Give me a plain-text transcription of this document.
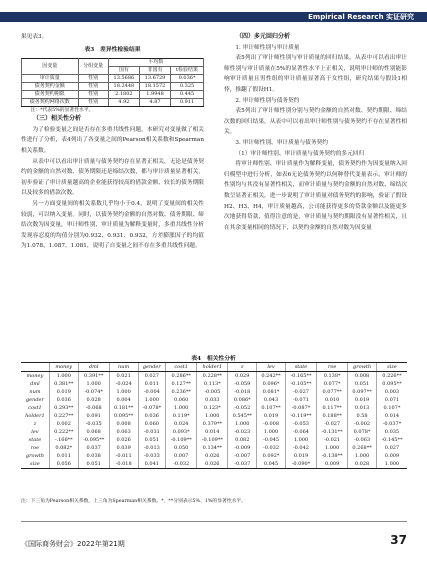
Empirical Research 实证研究

果见表3。

表3　差异性检验结果
因变量	分组变量	平均数		
		国有	非国有	t检验结果
审计质量	性别	13.5686	13.6729	0.036*
债务契约金额	性别	18.2448	18.1572	0.325
债务契约期限	性别	2.1802	1.9948	0.445
债务契约网络次数	性别	4.92	4.87	0.911

注：*代表5%的显著性水平。

（三）相关性分析

为了检验变量之间是否存在多重共线性问题，本研究对变量做了相关性进行了分析，表4列出了各变量之间的Pearson相关系数和Spearman相关系数。

从表中可以看出审计质量与债务契约存在显著正相关，无论是债务契约的金额的自然对数、债务期限还是缔结次数，都与审计质量显著相关，初步验证了审计质量越高的企业能获得较高的借款金额、较长的债务期限以及较多的借款次数。

另一方面变量间的相关系数几乎均小于0.4，说明了变量间的相关性较弱，可以纳入变量。同时，以债务契约金额的自然对数、债务期限、缔结次数为因变量，审计师性别、审计质量为解释变量时，多重共线性分析发现容忍度的均值分别为0.932、0.931、0.932，方差膨胀因子的均值为1.078、1.087、1.081，说明了自变量之间不存在多重共线性问题。

（四）多元回归分析

1. 审计师性别与审计质量

表5列出了审计师性别与审计质量的回归结果，从表中可以看出审计师性别与审计质量在5%的显著性水平上正相关，说明审计师的性别能影响审计质量且男性组的审计质量显著高于女性组，研究结果与假设1相悖，推翻了假设H1。

2. 审计师性别与债务契约

表5列出了审计师性别分别与契约金额的自然对数、契约期限、缔结次数的回归结果，从表中可以看出审计师性别与债务契约不存在显著性相关。

3. 审计师性别、审计质量与债务契约

（1）审计师性别、审计质量与债务契约的多元回归

将审计师性别、审计质量作为解释变量，债务契约作为因变量纳入回归模型中进行分析，如表6无论债务契约以何种替代变量表示，审计师的性别均与其没有显著性相关，而审计质量与契约金额的自然对数、缔结次数呈显著正相关，进一步说明了审计质量对债务契约的影响，验证了假设H2、H3、H4，审计质量越高，公司能获得更多的贷款金额以及能更多次地获得贷款，值得注意的是，审计质量与契约期限没有显著性相关，且在其余变量相同的情况下，以契约金额的自然对数为因变量

表4　相关性分析
	money	dml	num	gender	cost1	holder1	z	lev	state	roe	growth	size
money	1.000	0.391**	0.021	0.027	0.286**	0.228**	0.029	0.242**	-0.165**	0.138*	0.008	0.226**
dml	0.381**	1.000	-0.024	0.011	0.127**	0.113*	-0.059	0.096*	-0.105**	0.077*	0.051	0.095**
num	0.019	-0.074*	1.000	-0.004	0.236**	-0.005	-0.018	0.081*	-0.027	0.077**	0.097**	0.003
gender	0.036	0.028	0.004	1.000	0.060	0.033	0.086*	0.043	-0.071	0.010	0.019	0.071
cost1	0.293**	-0.068	0.181**	-0.078*	1.000	0.123*	-0.052	0.107**	-0.087*	0.117**	0.013	0.107*
holder1	0.227**	0.091	0.095**	0.036	0.119*	1.000	0.545**	0.019	-0.119**	0.188**	0.58	0.014
z	0.002	-0.035	0.008	0.060	0.024	0.379**	1.000	-0.008	-0.053	-0.027	-0.002	-0.037*
lev	0.222**	0.068	0.063	-0.031	0.093*	0.014	-0.023	1.000	-0.064	-0.131**	0.078*	0.035
state	-.166**	-0.095**	0.026	0.051	-0.109**	-0.109**	0.082	-0.045	1.000	-0.021	-0.063	-0.145**
roe	0.082*	0.037	0.039	-0.013	0.050	0.134**	-0.009	-0.032	-0.042	1.000	0.268**	0.027
growth	0.011	0.038	-0.011	-0.033	0.007	0.026	-0.007	0.092*	0.019	-0.138**	1.000	0.009
size	0.056	0.051	-0.018	0.041	-0.032	0.026	-0.037	0.045	-0.090*	0.009	0.028	1.000
注：下三角为Pearson相关系数，上三角为Spearman相关系数。*、**分别表示5%、1%的显著性水平。
《国际商务财会》2022年第21期	37
